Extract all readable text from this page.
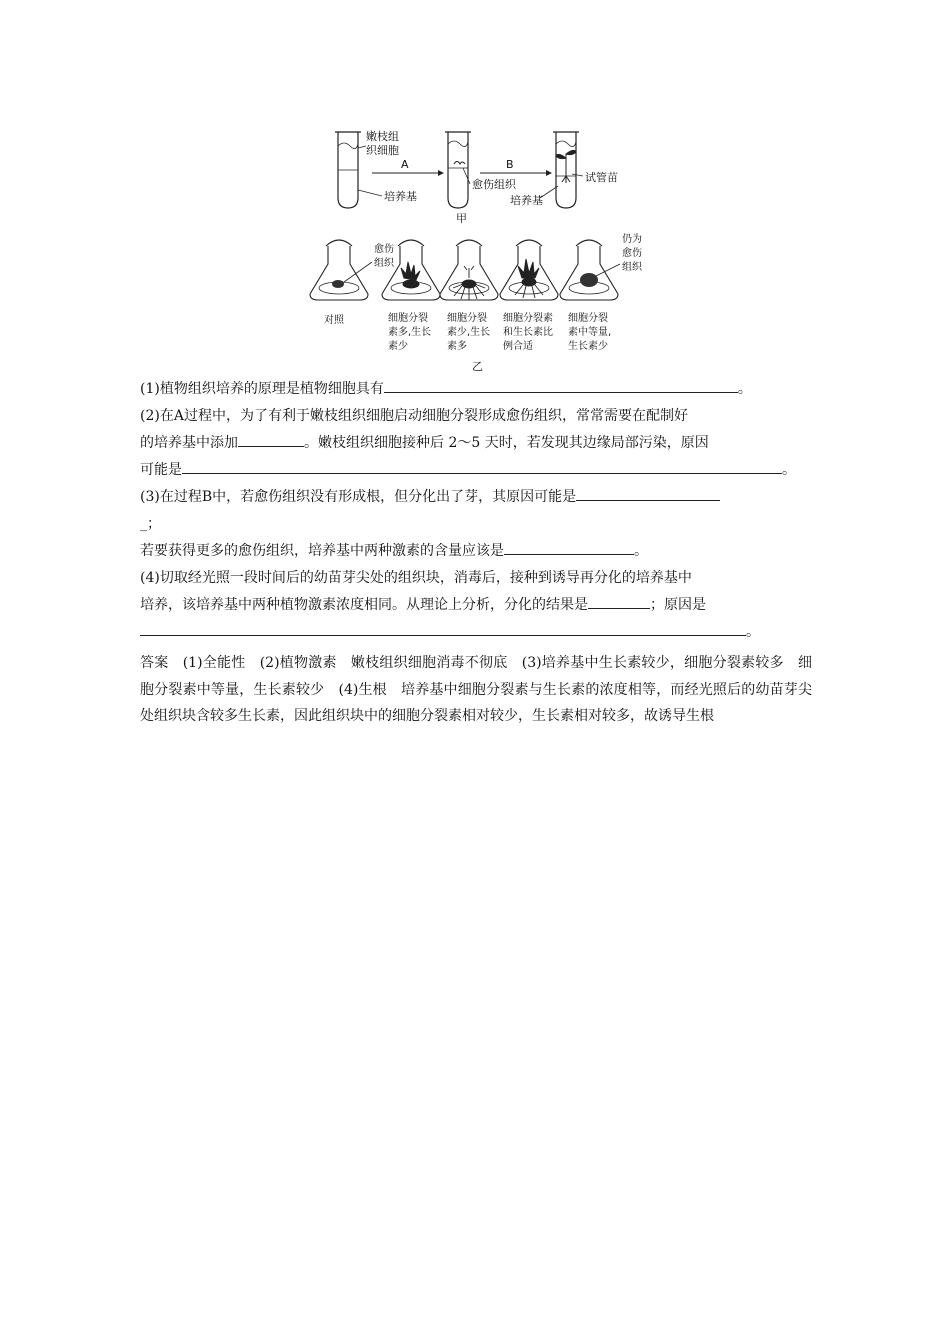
嫩枝组
织细胞
A
培养基
愈伤组织
B
培养基
试管苗
甲
愈伤
组织
仍为
愈伤
组织
对照	细胞分裂
素多,生长
素少
细胞分裂
素少,生长
素多
细胞分裂素
和生长素比
例合适
细胞分裂
素中等量,
生长素少
乙
(1)植物组织培养的原理是植物细胞具有	。
(2)在A过程中，为了有利于嫩枝组织细胞启动细胞分裂形成愈伤组织，常常需要在配制好
的培养基中添加	。嫩枝组织细胞接种后 2～5 天时，若发现其边缘局部污染，原因
可能是	。
(3)在过程B中，若愈伤组织没有形成根，但分化出了芽，其原因可能是
_；
若要获得更多的愈伤组织，培养基中两种激素的含量应该是	。
(4)切取经光照一段时间后的幼苗芽尖处的组织块，消毒后，接种到诱导再分化的培养基中
培养，该培养基中两种植物激素浓度相同。从理论上分析，分化的结果是	；原因是
。
答案　(1)全能性　(2)植物激素　嫩枝组织细胞消毒不彻底　(3)培养基中生长素较少，细胞分裂素较多　细胞分裂素中等量，生长素较少　(4)生根　培养基中细胞分裂素与生长素的浓度相等，而经光照后的幼苗芽尖处组织块含较多生长素，因此组织块中的细胞分裂素相对较少，生长素相对较多，故诱导生根
